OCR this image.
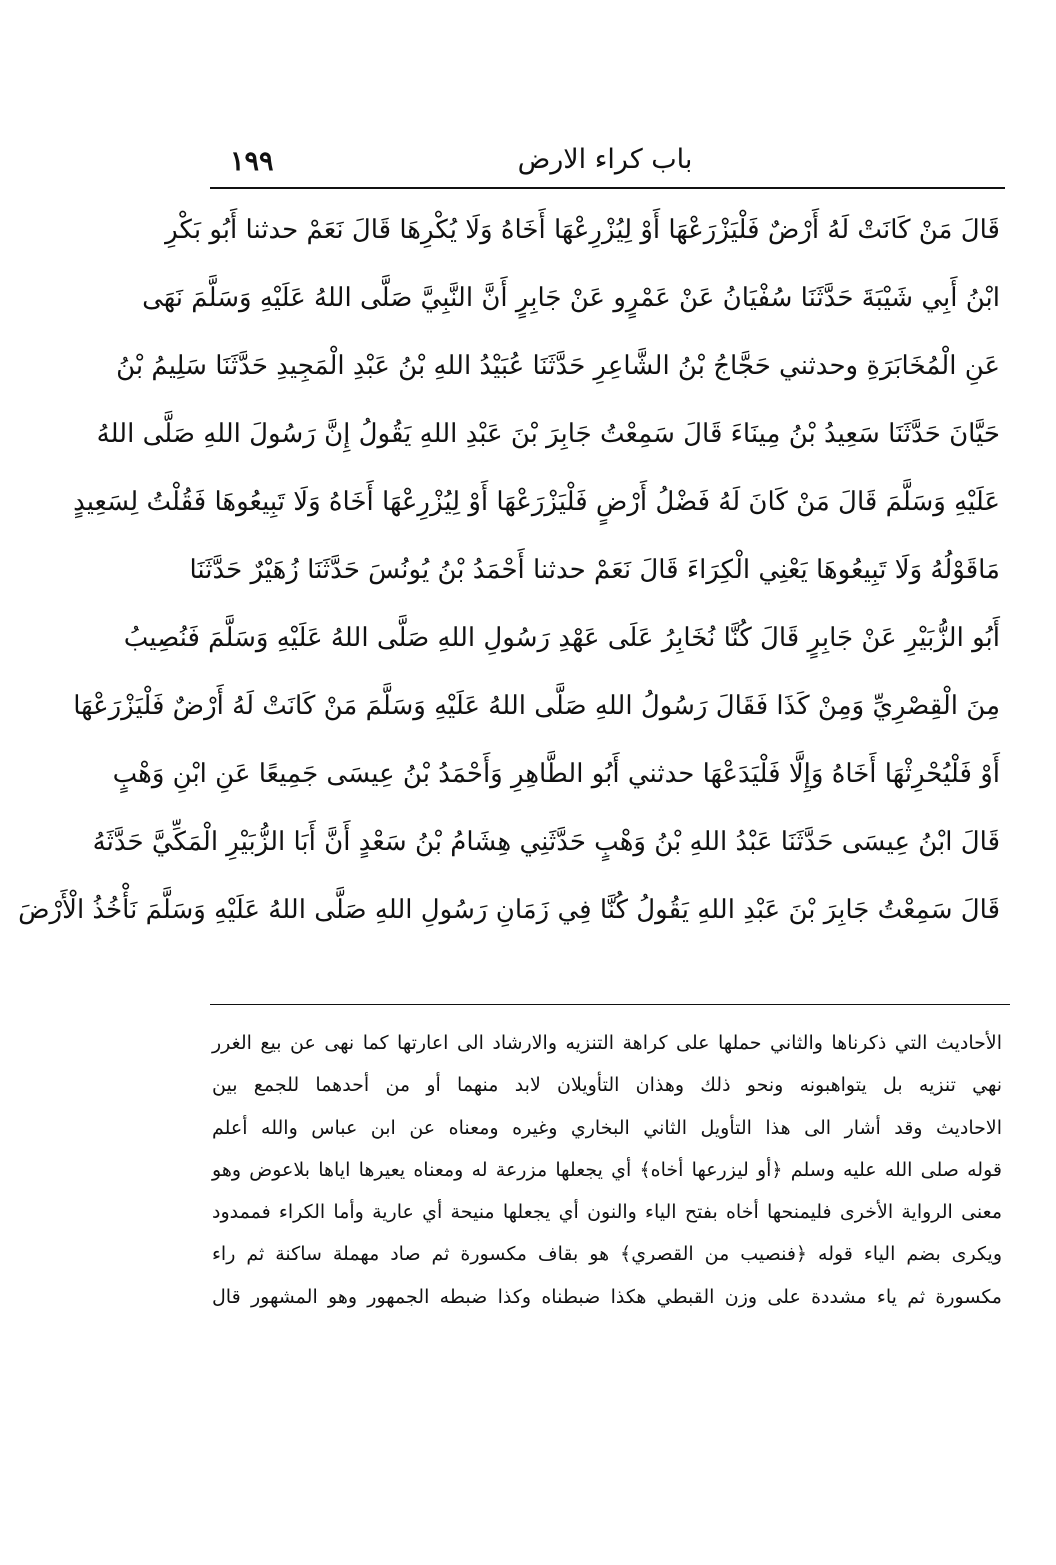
باب كراء الارض
١٩٩
قَالَ مَنْ كَانَتْ لَهُ أَرْضٌ فَلْيَزْرَعْهَا أَوْ لِيُزْرِعْهَا أَخَاهُ وَلَا يُكْرِهَا قَالَ نَعَمْ حدثنا أَبُو بَكْرِ
ابْنُ أَبِي شَيْبَةَ حَدَّثَنَا سُفْيَانُ عَنْ عَمْرٍو عَنْ جَابِرٍ أَنَّ النَّبِيَّ صَلَّى اللهُ عَلَيْهِ وَسَلَّمَ نَهَى
عَنِ الْمُخَابَرَةِ وحدثني حَجَّاجُ بْنُ الشَّاعِرِ حَدَّثَنَا عُبَيْدُ اللهِ بْنُ عَبْدِ الْمَجِيدِ حَدَّثَنَا سَلِيمُ بْنُ
حَيَّانَ حَدَّثَنَا سَعِيدُ بْنُ مِينَاءَ قَالَ سَمِعْتُ جَابِرَ بْنَ عَبْدِ اللهِ يَقُولُ إِنَّ رَسُولَ اللهِ صَلَّى اللهُ
عَلَيْهِ وَسَلَّمَ قَالَ مَنْ كَانَ لَهُ فَضْلُ أَرْضٍ فَلْيَزْرَعْهَا أَوْ لِيُزْرِعْهَا أَخَاهُ وَلَا تَبِيعُوهَا فَقُلْتُ لِسَعِيدٍ
مَاقَوْلُهُ وَلَا تَبِيعُوهَا يَعْنِي الْكِرَاءَ قَالَ نَعَمْ حدثنا أَحْمَدُ بْنُ يُونُسَ حَدَّثَنَا زُهَيْرٌ حَدَّثَنَا
أَبُو الزُّبَيْرِ عَنْ جَابِرٍ قَالَ كُنَّا نُخَابِرُ عَلَى عَهْدِ رَسُولِ اللهِ صَلَّى اللهُ عَلَيْهِ وَسَلَّمَ فَنُصِيبُ
مِنَ الْقِصْرِيِّ وَمِنْ كَذَا فَقَالَ رَسُولُ اللهِ صَلَّى اللهُ عَلَيْهِ وَسَلَّمَ مَنْ كَانَتْ لَهُ أَرْضٌ فَلْيَزْرَعْهَا
أَوْ فَلْيُحْرِثْهَا أَخَاهُ وَإِلَّا فَلْيَدَعْهَا حدثني أَبُو الطَّاهِرِ وَأَحْمَدُ بْنُ عِيسَى جَمِيعًا عَنِ ابْنِ وَهْبٍ
قَالَ ابْنُ عِيسَى حَدَّثَنَا عَبْدُ اللهِ بْنُ وَهْبٍ حَدَّثَنِي هِشَامُ بْنُ سَعْدٍ أَنَّ أَبَا الزُّبَيْرِ الْمَكِّيَّ حَدَّثَهُ
قَالَ سَمِعْتُ جَابِرَ بْنَ عَبْدِ اللهِ يَقُولُ كُنَّا فِي زَمَانِ رَسُولِ اللهِ صَلَّى اللهُ عَلَيْهِ وَسَلَّمَ نَأْخُذُ الْأَرْضَ
الأحاديث التي ذكرناها والثاني حملها على كراهة التنزيه والارشاد الى اعارتها كما نهى عن بيع الغرر
نهي تنزيه بل يتواهبونه ونحو ذلك وهذان التأويلان لابد منهما أو من أحدهما للجمع بين
الاحاديث وقد أشار الى هذا التأويل الثاني البخاري وغيره ومعناه عن ابن عباس والله أعلم
قوله صلى الله عليه وسلم ﴿أو ليزرعها أخاه﴾ أي يجعلها مزرعة له ومعناه يعيرها اياها بلاعوض وهو
معنى الرواية الأخرى فليمنحها أخاه بفتح الياء والنون أي يجعلها منيحة أي عارية وأما الكراء فممدود
ويكرى بضم الياء قوله ﴿فنصيب من القصري﴾ هو بقاف مكسورة ثم صاد مهملة ساكنة ثم راء
مكسورة ثم ياء مشددة على وزن القبطي هكذا ضبطناه وكذا ضبطه الجمهور وهو المشهور قال
